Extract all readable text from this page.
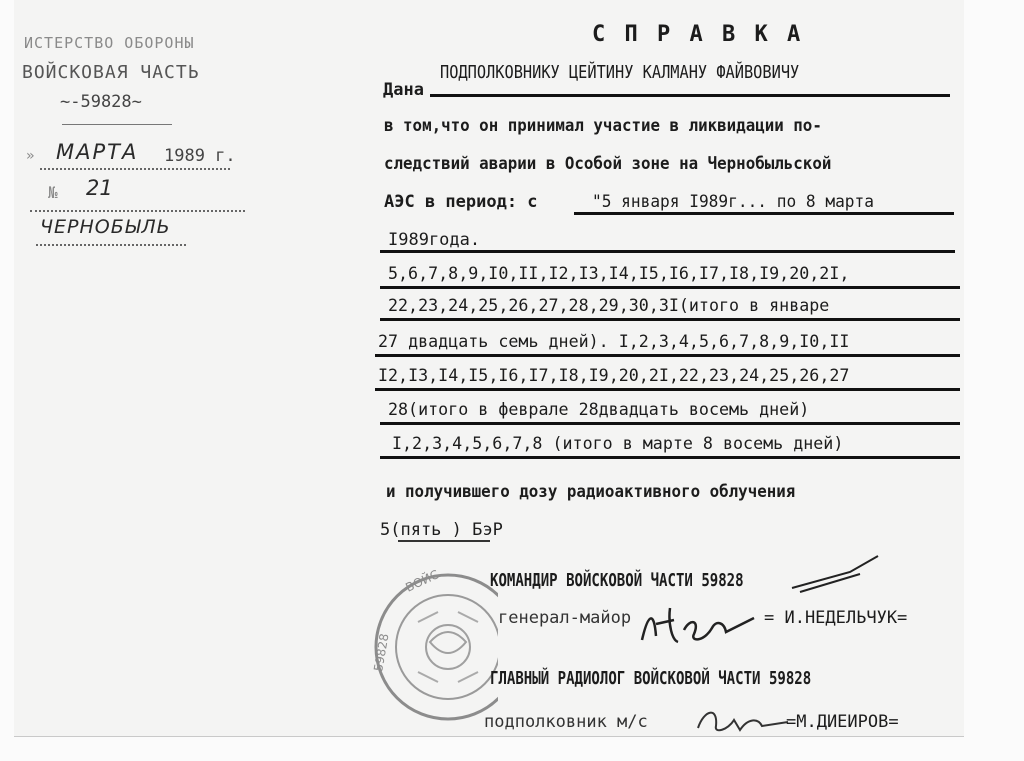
ИСТЕРСТВО ОБОРОНЫ
ВОЙСКОВАЯ ЧАСТЬ
~-59828~
» МАРТА 1989 г.
№ 21
ЧЕРНОБЫЛЬ
С П Р А В К А
Дана
ПОДПОЛКОВНИКУ ЦЕЙТИНУ КАЛМАНУ ФАЙВОВИЧУ
в том,что он принимал участие в ликвидации по-
следствий аварии в Особой зоне на Чернобыльской
АЭС в период: с	"5 января I989г... по 8 марта
I989года.
5,6,7,8,9,I0,II,I2,I3,I4,I5,I6,I7,I8,I9,20,2I,
22,23,24,25,26,27,28,29,30,3I(итого в январе
27 двадцать семь дней). I,2,3,4,5,6,7,8,9,I0,II
I2,I3,I4,I5,I6,I7,I8,I9,20,2I,22,23,24,25,26,27
28(итого в феврале 28двадцать восемь дней)
I,2,3,4,5,6,7,8 (итого в марте 8 восемь дней)
и получившего дозу радиоактивного облучения
5(пять ) БэР
ВОЙС
59828
КОМАНДИР ВОЙСКОВОЙ ЧАСТИ 59828
генерал-майор	= И.НЕДЕЛЬЧУК=
ГЛАВНЫЙ РАДИОЛОГ ВОЙСКОВОЙ ЧАСТИ 59828
подполковник м/с	=М.ДИЕИРОВ=
